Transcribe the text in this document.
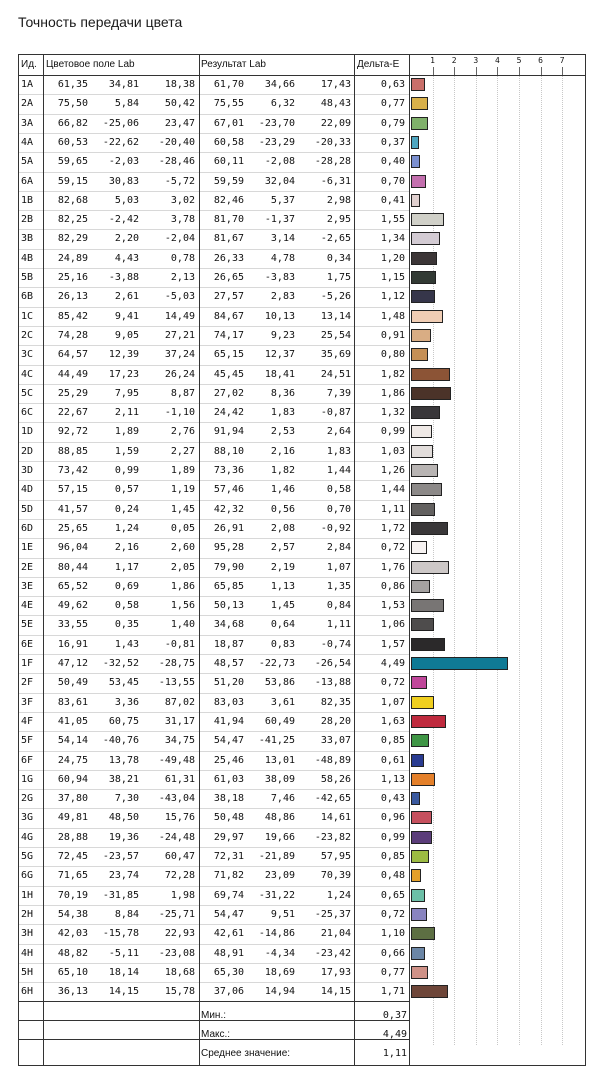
Точность передачи цвета
Ид. Цветовое поле Lab	Результат Lab	Дельта-E	1	2	3	4	5	6	7
1A	61,35	34,81	18,38	61,70	34,66	17,43	0,63
2A	75,50	5,84	50,42	75,55	6,32	48,43	0,77
3A	66,82	-25,06	23,47	67,01	-23,70	22,09	0,79
4A	60,53	-22,62	-20,40	60,58	-23,29	-20,33	0,37
5A	59,65	-2,03	-28,46	60,11	-2,08	-28,28	0,40
6A	59,15	30,83	-5,72	59,59	32,04	-6,31	0,70
1B	82,68	5,03	3,02	82,46	5,37	2,98	0,41
2B	82,25	-2,42	3,78	81,70	-1,37	2,95	1,55
3B	82,29	2,20	-2,04	81,67	3,14	-2,65	1,34
4B	24,89	4,43	0,78	26,33	4,78	0,34	1,20
5B	25,16	-3,88	2,13	26,65	-3,83	1,75	1,15
6B	26,13	2,61	-5,03	27,57	2,83	-5,26	1,12
1C	85,42	9,41	14,49	84,67	10,13	13,14	1,48
2C	74,28	9,05	27,21	74,17	9,23	25,54	0,91
3C	64,57	12,39	37,24	65,15	12,37	35,69	0,80
4C	44,49	17,23	26,24	45,45	18,41	24,51	1,82
5C	25,29	7,95	8,87	27,02	8,36	7,39	1,86
6C	22,67	2,11	-1,10	24,42	1,83	-0,87	1,32
1D	92,72	1,89	2,76	91,94	2,53	2,64	0,99
2D	88,85	1,59	2,27	88,10	2,16	1,83	1,03
3D	73,42	0,99	1,89	73,36	1,82	1,44	1,26
4D	57,15	0,57	1,19	57,46	1,46	0,58	1,44
5D	41,57	0,24	1,45	42,32	0,56	0,70	1,11
6D	25,65	1,24	0,05	26,91	2,08	-0,92	1,72
1E	96,04	2,16	2,60	95,28	2,57	2,84	0,72
2E	80,44	1,17	2,05	79,90	2,19	1,07	1,76
3E	65,52	0,69	1,86	65,85	1,13	1,35	0,86
4E	49,62	0,58	1,56	50,13	1,45	0,84	1,53
5E	33,55	0,35	1,40	34,68	0,64	1,11	1,06
6E	16,91	1,43	-0,81	18,87	0,83	-0,74	1,57
1F	47,12	-32,52	-28,75	48,57	-22,73	-26,54	4,49
2F	50,49	53,45	-13,55	51,20	53,86	-13,88	0,72
3F	83,61	3,36	87,02	83,03	3,61	82,35	1,07
4F	41,05	60,75	31,17	41,94	60,49	28,20	1,63
5F	54,14	-40,76	34,75	54,47	-41,25	33,07	0,85
6F	24,75	13,78	-49,48	25,46	13,01	-48,89	0,61
1G	60,94	38,21	61,31	61,03	38,09	58,26	1,13
2G	37,80	7,30	-43,04	38,18	7,46	-42,65	0,43
3G	49,81	48,50	15,76	50,48	48,86	14,61	0,96
4G	28,88	19,36	-24,48	29,97	19,66	-23,82	0,99
5G	72,45	-23,57	60,47	72,31	-21,89	57,95	0,85
6G	71,65	23,74	72,28	71,82	23,09	70,39	0,48
1H	70,19	-31,85	1,98	69,74	-31,22	1,24	0,65
2H	54,38	8,84	-25,71	54,47	9,51	-25,37	0,72
3H	42,03	-15,78	22,93	42,61	-14,86	21,04	1,10
4H	48,82	-5,11	-23,08	48,91	-4,34	-23,42	0,66
5H	65,10	18,14	18,68	65,30	18,69	17,93	0,77
6H	36,13	14,15	15,78	37,06	14,94	14,15	1,71
Мин.:	0,37
Макс.:	4,49
Среднее значение:	1,11
